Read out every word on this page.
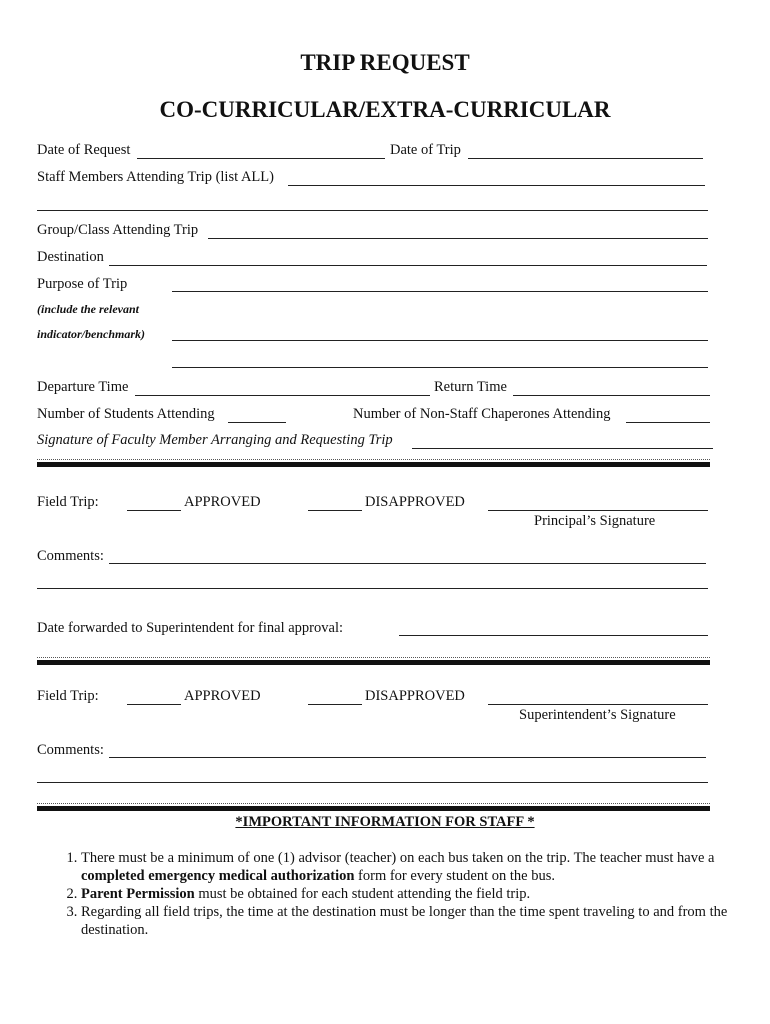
TRIP REQUEST
CO-CURRICULAR/EXTRA-CURRICULAR
Date of Request	Date of Trip
Staff Members Attending Trip (list ALL)
Group/Class Attending Trip
Destination
Purpose of Trip
(include the relevant
indicator/benchmark)
Departure Time	Return Time
Number of Students Attending	Number of Non-Staff Chaperones Attending
Signature of Faculty Member Arranging and Requesting Trip
Field Trip:	APPROVED	DISAPPROVED
Principal’s Signature
Comments:
Date forwarded to Superintendent for final approval:
Field Trip:	APPROVED	DISAPPROVED
Superintendent’s Signature
Comments:
*IMPORTANT INFORMATION FOR STAFF *
1. There must be a minimum of one (1) advisor (teacher) on each bus taken on the trip. The teacher must have a completed emergency medical authorization form for every student on the bus.
2. Parent Permission must be obtained for each student attending the field trip.
3. Regarding all field trips, the time at the destination must be longer than the time spent traveling to and from the destination.
